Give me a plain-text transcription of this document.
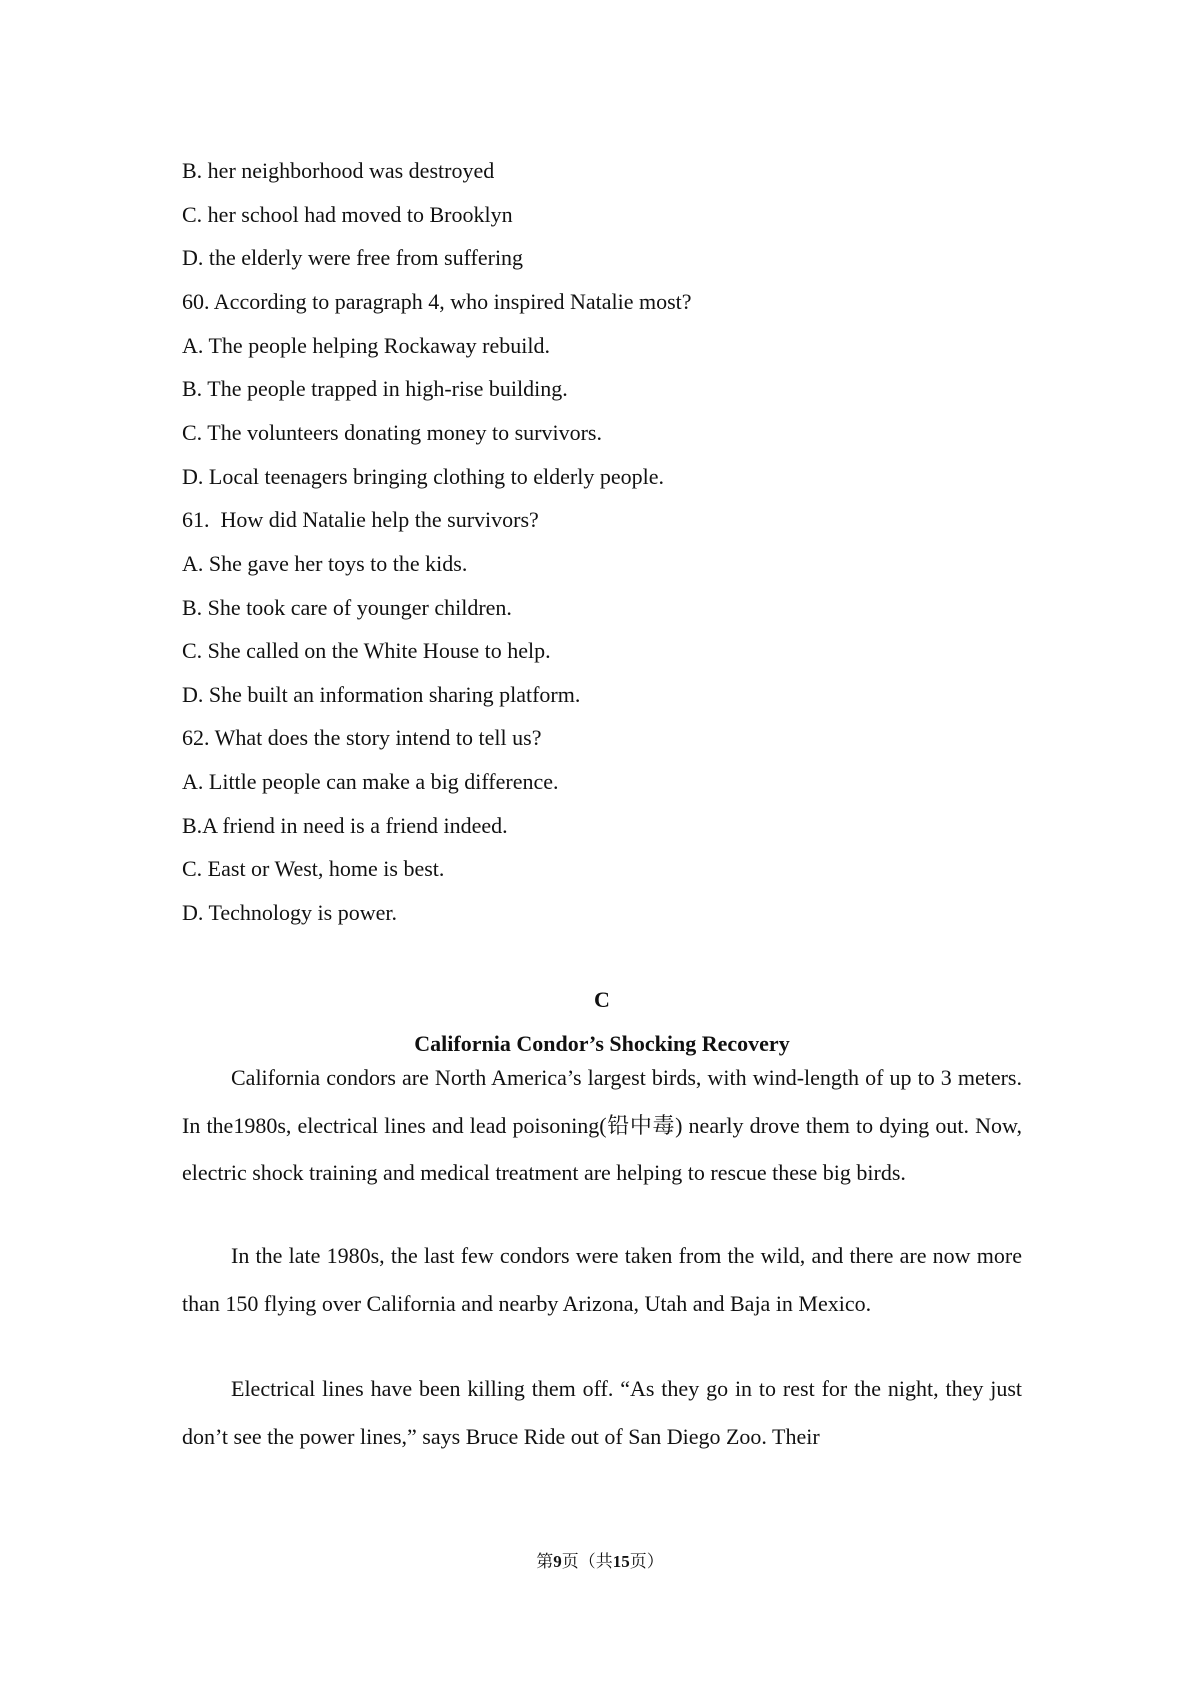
B. her neighborhood was destroyed
C. her school had moved to Brooklyn
D. the elderly were free from suffering
60. According to paragraph 4, who inspired Natalie most?
A. The people helping Rockaway rebuild.
B. The people trapped in high-rise building.
C. The volunteers donating money to survivors.
D. Local teenagers bringing clothing to elderly people.
61.  How did Natalie help the survivors?
A. She gave her toys to the kids.
B. She took care of younger children.
C. She called on the White House to help.
D. She built an information sharing platform.
62. What does the story intend to tell us?
A. Little people can make a big difference.
B.A friend in need is a friend indeed.
C. East or West, home is best.
D. Technology is power.
C
California Condor’s Shocking Recovery

California condors are North America’s largest birds, with wind-length of up to 3 meters. In the1980s, electrical lines and lead poisoning(铅中毒) nearly drove them to dying out. Now, electric shock training and medical treatment are helping to rescue these big birds.

In the late 1980s, the last few condors were taken from the wild, and there are now more than 150 flying over California and nearby Arizona, Utah and Baja in Mexico.

Electrical lines have been killing them off. “As they go in to rest for the night, they just don’t see the power lines,” says Bruce Ride out of San Diego Zoo. Their

第9页（共15页）
